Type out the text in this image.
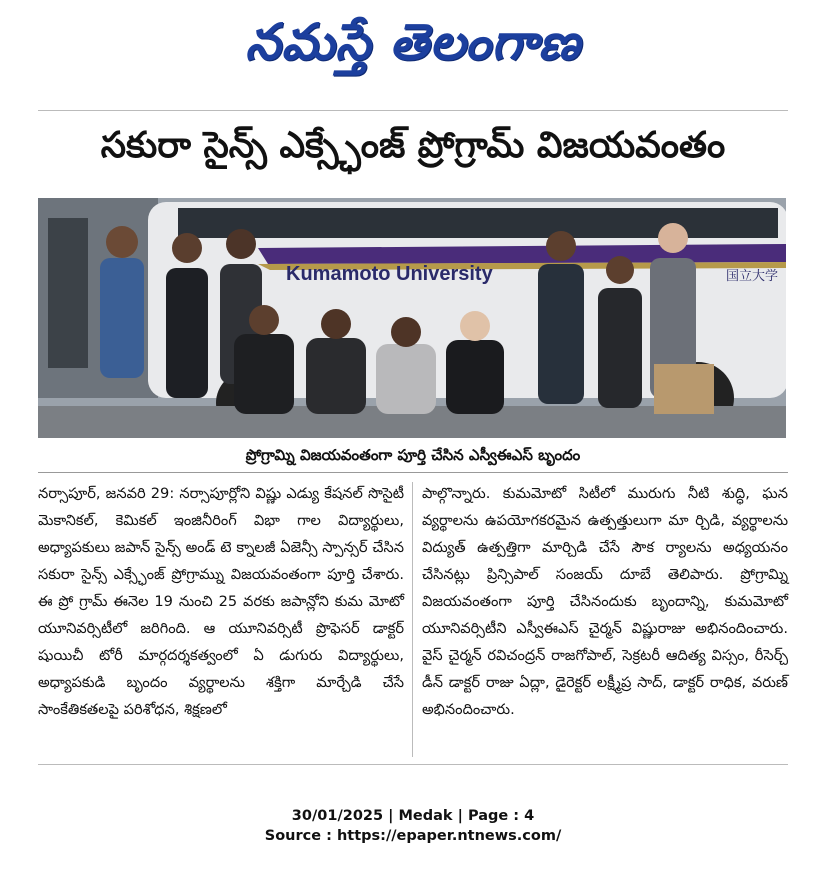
నమస్తే తెలంగాణ
సకురా సైన్స్ ఎక్స్ఛేంజ్ ప్రోగ్రామ్ విజయవంతం
Kumamoto University	国立大学
ప్రోగ్రామ్ని విజయవంతంగా పూర్తి చేసిన ఎస్వీఈఎస్ బృందం
నర్సాపూర్, జనవరి 29: నర్సాపూర్లోని విష్ణు ఎడ్యు కేషనల్ సొసైటీ మెకానికల్, కెమికల్ ఇంజినీరింగ్ విభా గాల విద్యార్థులు, అధ్యాపకులు జపాన్ సైన్స్ అండ్ టె క్నాలజీ ఏజెన్సీ స్పాన్సర్ చేసిన సకురా సైన్స్ ఎక్స్ఛేంజ్ ప్రోగ్రామ్ను విజయవంతంగా పూర్తి చేశారు. ఈ ప్రో గ్రామ్ ఈనెల 19 నుంచి 25 వరకు జపాన్లోని కుమ మోటో యూనివర్సిటీలో జరిగింది. ఆ యూనివర్సిటీ ప్రొఫెసర్ డాక్టర్ షుయిచీ టోరీ మార్గదర్శకత్వంలో ఏ డుగురు విద్యార్థులు, అధ్యాపకుడి బృందం వ్యర్థాలను శక్తిగా మార్చేడి చేసే సాంకేతికతలపై పరిశోధన, శిక్షణలో
పాల్గొన్నారు. కుమమోటో సిటీలో మురుగు నీటి శుద్ధి, ఘన వ్యర్థాలను ఉపయోగకరమైన ఉత్పత్తులుగా మా ర్చిడి, వ్యర్థాలను విద్యుత్ ఉత్పత్తిగా మార్చిడి చేసే సౌక ర్యాలను అధ్యయనం చేసినట్లు ప్రిన్సిపాల్ సంజయ్ దూబే తెలిపారు. ప్రోగ్రామ్ని విజయవంతంగా పూర్తి చేసినందుకు బృందాన్ని, కుమమోటో యూనివర్సిటీని ఎస్వీఈఎస్ చైర్మన్ విష్ణురాజు అభినందించారు. వైస్ చైర్మన్ రవిచంద్రన్ రాజగోపాల్, సెక్రటరీ ఆదిత్య విస్సం, రీసెర్చ్ డీన్ డాక్టర్ రాజు ఏద్లా, డైరెక్టర్ లక్ష్మీప్ర సాద్, డాక్టర్ రాధిక, వరుణ్ అభినందించారు.
30/01/2025 | Medak | Page : 4
Source : https://epaper.ntnews.com/
